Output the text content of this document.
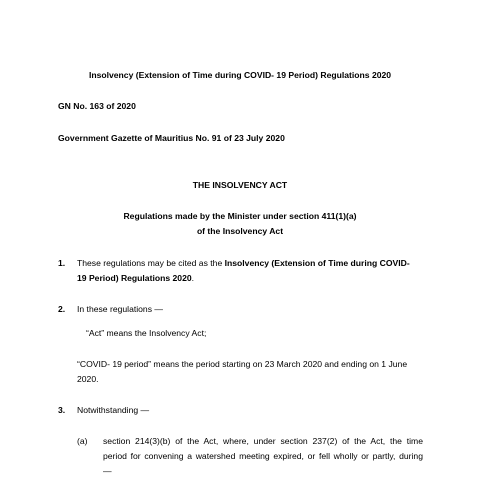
Insolvency (Extension of Time during COVID- 19 Period) Regulations 2020
GN No. 163 of 2020
Government Gazette of Mauritius No. 91 of 23 July 2020
THE INSOLVENCY ACT
Regulations made by the Minister under section 411(1)(a)
of the Insolvency Act
1. These regulations may be cited as the Insolvency (Extension of Time during COVID-
19 Period) Regulations 2020.
2. In these regulations —
“Act” means the Insolvency Act;
“COVID- 19 period” means the period starting on 23 March 2020 and ending on 1 June
2020.
3. Notwithstanding —
(a) section 214(3)(b) of the Act, where, under section 237(2) of the Act, the time
period for convening a watershed meeting expired, or fell wholly or partly, during
—
